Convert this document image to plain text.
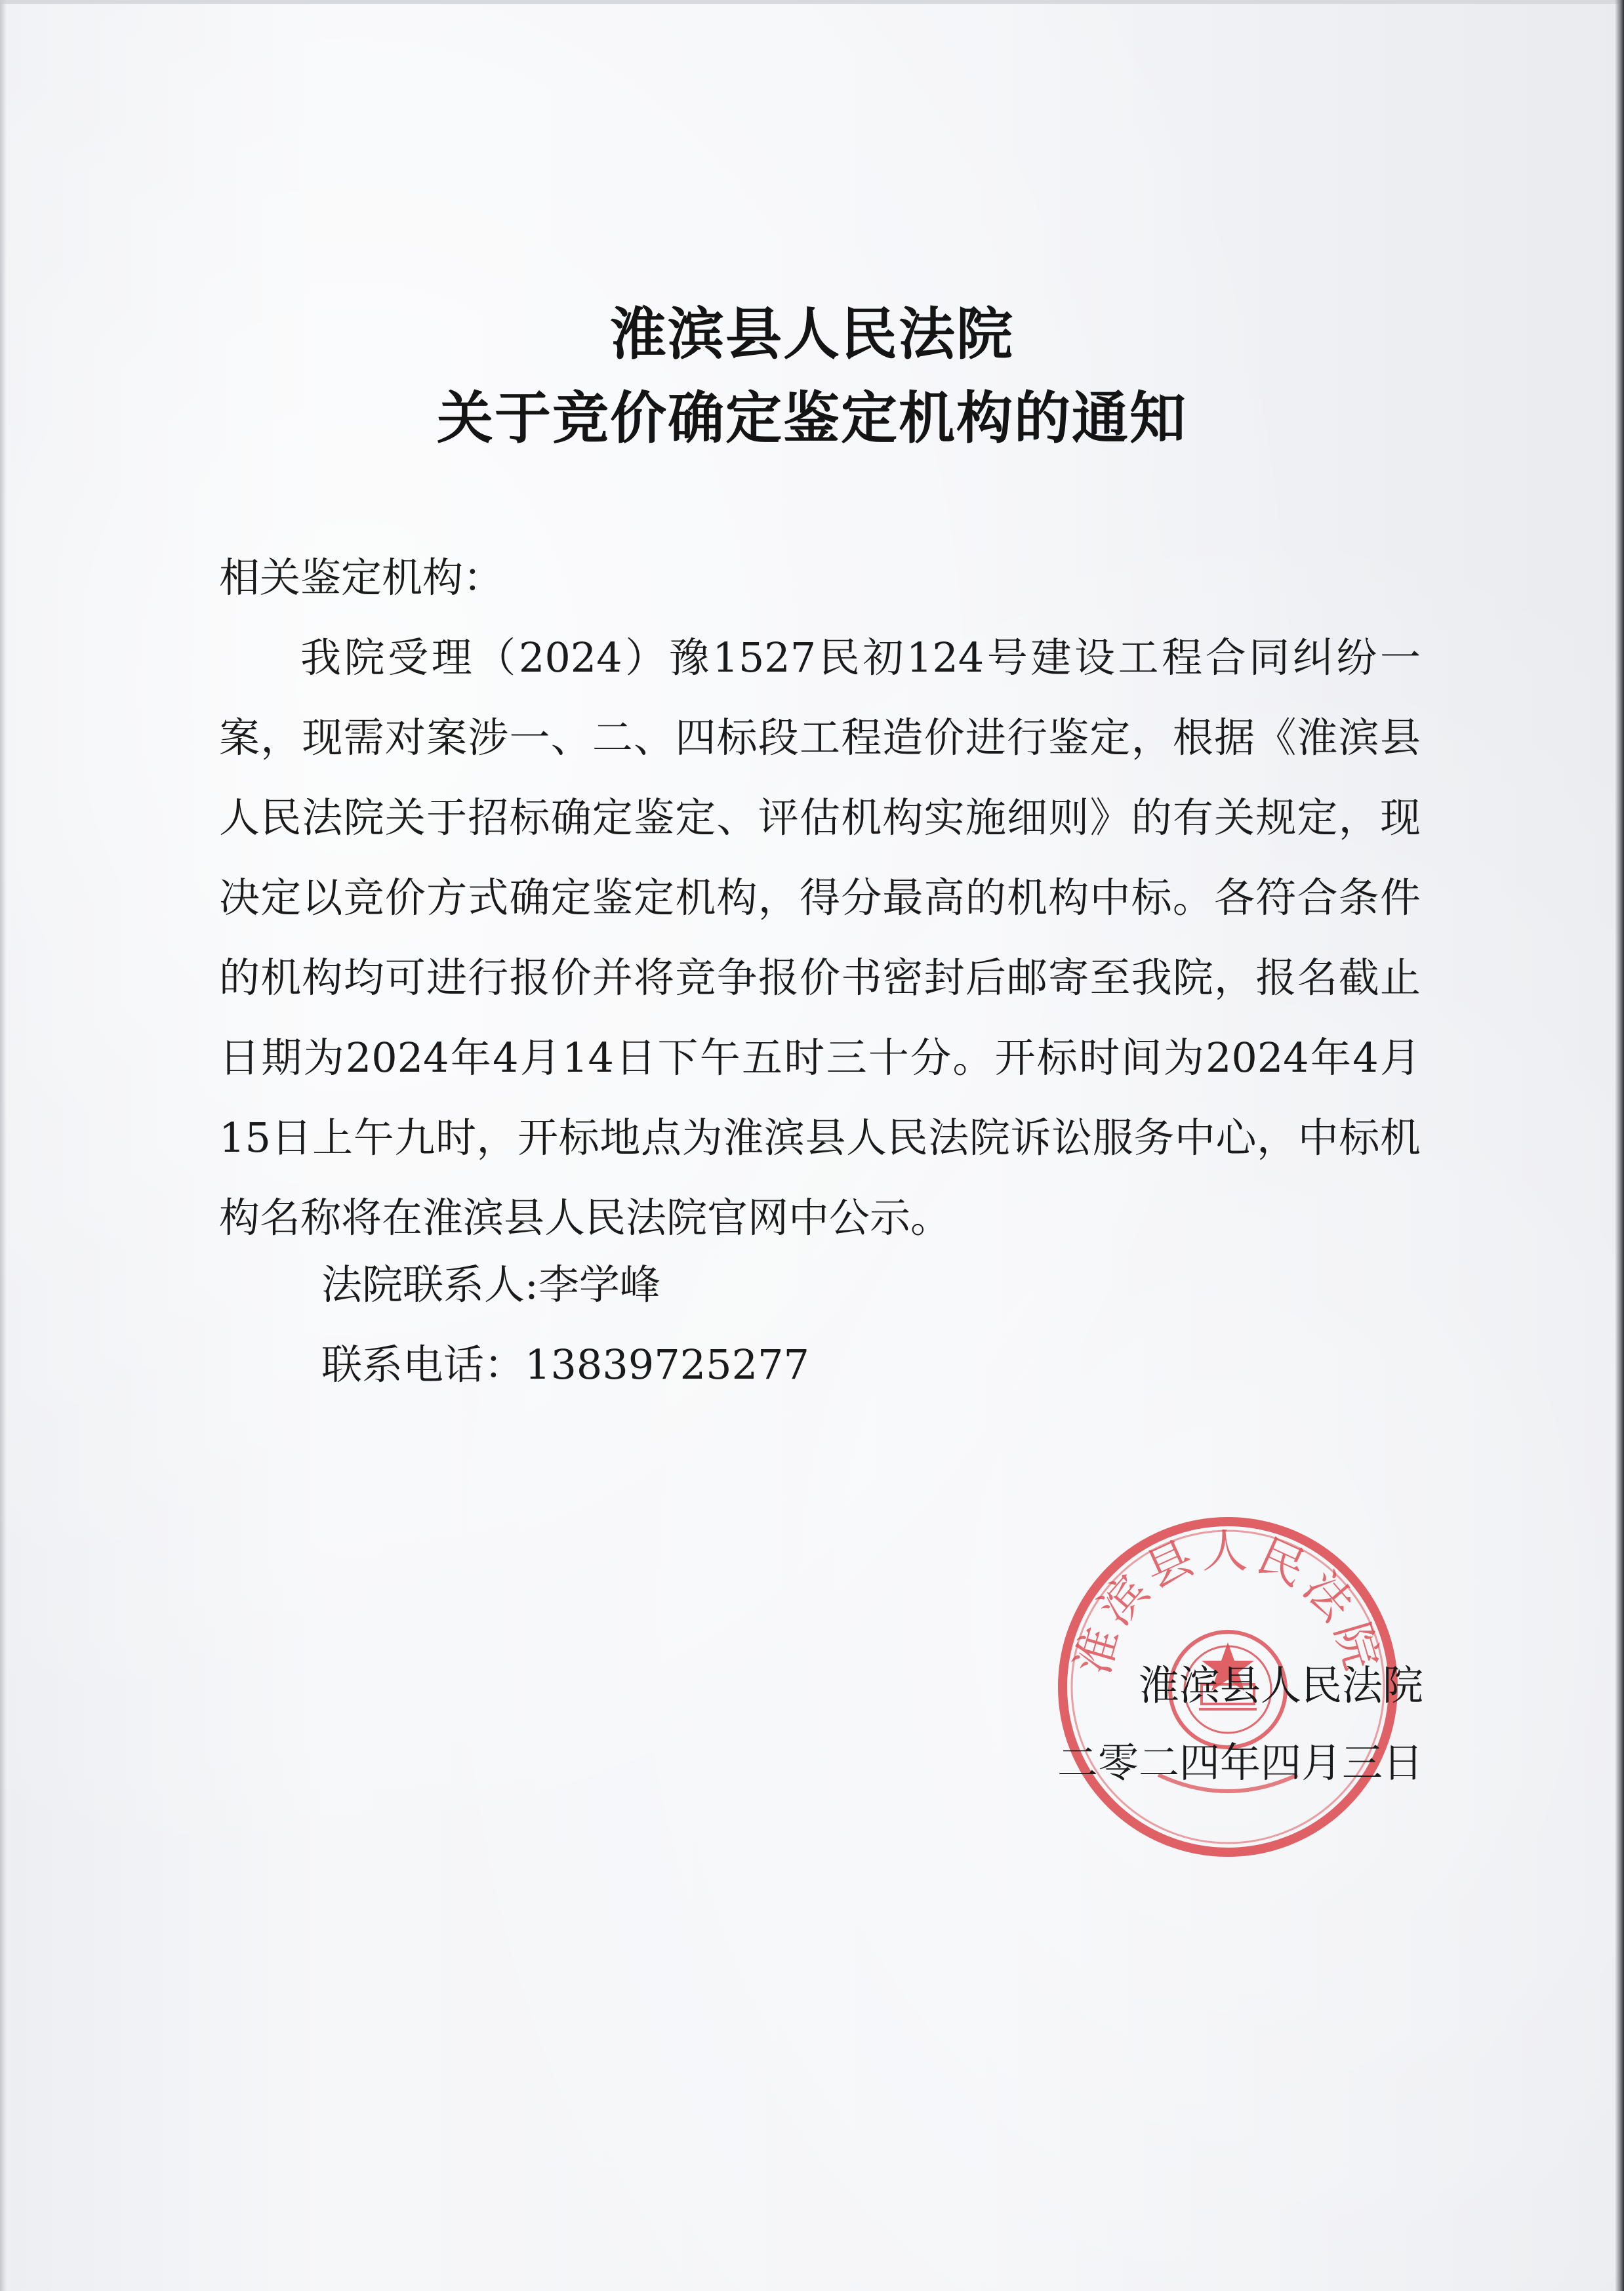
淮滨县人民法院
关于竞价确定鉴定机构的通知
相关鉴定机构：
我院受理（2024）豫1527民初124号建设工程合同纠纷一案，现需对案涉一、二、四标段工程造价进行鉴定，根据《淮滨县人民法院关于招标确定鉴定、评估机构实施细则》的有关规定，现决定以竞价方式确定鉴定机构，得分最高的机构中标。各符合条件的机构均可进行报价并将竞争报价书密封后邮寄至我院，报名截止日期为2024年4月14日下午五时三十分。开标时间为2024年4月15日上午九时，开标地点为淮滨县人民法院诉讼服务中心，中标机构名称将在淮滨县人民法院官网中公示。
法院联系人:李学峰
联系电话：13839725277
淮滨县人民法院
淮滨县人民法院
二零二四年四月三日
